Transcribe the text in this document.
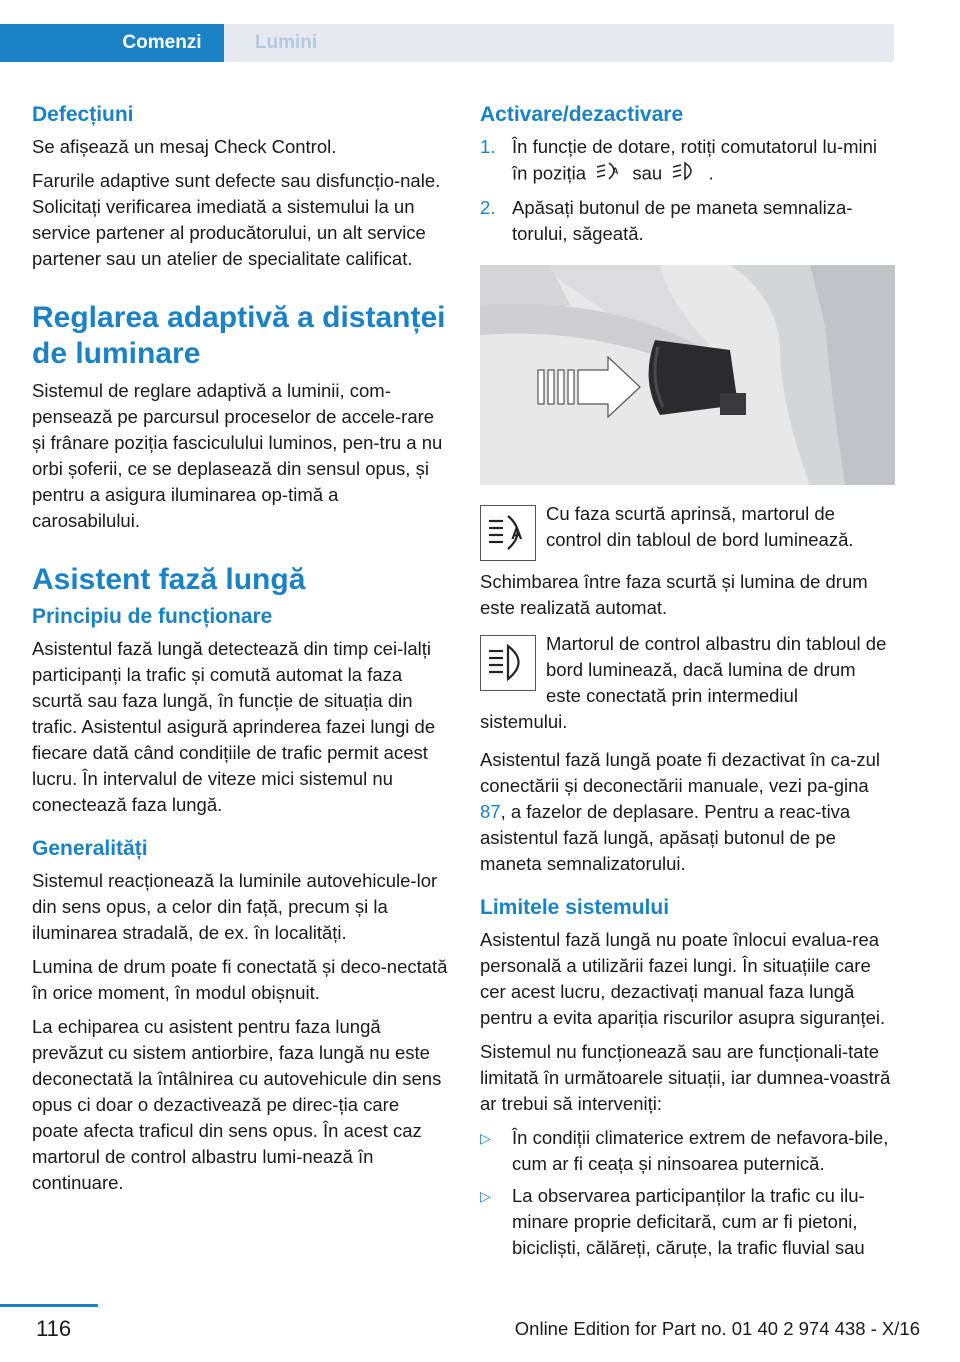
Comenzi	Lumini
Defecțiuni

Se afișează un mesaj Check Control.

Farurile adaptive sunt defecte sau disfuncțio-nale. Solicitați verificarea imediată a sistemului la un service partener al producătorului, un alt service partener sau un atelier de specialitate calificat.

Reglarea adaptivă a distanței de luminare

Sistemul de reglare adaptivă a luminii, com-pensează pe parcursul proceselor de accele-rare și frânare poziția fasciculului luminos, pen-tru a nu orbi șoferii, ce se deplasează din sensul opus, și pentru a asigura iluminarea op-timă a carosabilului.

Asistent fază lungă
Principiu de funcționare

Asistentul fază lungă detectează din timp cei-lalți participanți la trafic și comută automat la faza scurtă sau faza lungă, în funcție de situația din trafic. Asistentul asigură aprinderea fazei lungi de fiecare dată când condițiile de trafic permit acest lucru. În intervalul de viteze mici sistemul nu conectează faza lungă.

Generalități

Sistemul reacționează la luminile autovehicule-lor din sens opus, a celor din față, precum și la iluminarea stradală, de ex. în localități.

Lumina de drum poate fi conectată și deco-nectată în orice moment, în modul obișnuit.

La echiparea cu asistent pentru faza lungă prevăzut cu sistem antiorbire, faza lungă nu este deconectată la întâlnirea cu autovehicule din sens opus ci doar o dezactivează pe direc-ția care poate afecta traficul din sens opus. În acest caz martorul de control albastru lumi-nează în continuare.

Activare/dezactivare
1. În funcție de dotare, rotiți comutatorul lu-mini în poziția	A sau	.
2. Apăsați butonul de pe maneta semnaliza-torului, săgeată.
A
Cu faza scurtă aprinsă, martorul de control din tabloul de bord luminează.

Schimbarea între faza scurtă și lumina de drum este realizată automat.

Martorul de control albastru din tabloul de bord luminează, dacă lumina de drum este conectată prin intermediul
sistemului.

Asistentul fază lungă poate fi dezactivat în ca-zul conectării și deconectării manuale, vezi pa-gina 87, a fazelor de deplasare. Pentru a reac-tiva asistentul fază lungă, apăsați butonul de pe maneta semnalizatorului.

Limitele sistemului

Asistentul fază lungă nu poate înlocui evalua-rea personală a utilizării fazei lungi. În situațiile care cer acest lucru, dezactivați manual faza lungă pentru a evita apariția riscurilor asupra siguranței.

Sistemul nu funcționează sau are funcționali-tate limitată în următoarele situații, iar dumnea-voastră ar trebui să interveniți:

▷ În condiții climaterice extrem de nefavora-bile, cum ar fi ceața și ninsoarea puternică.
▷ La observarea participanților la trafic cu ilu-minare proprie deficitară, cum ar fi pietoni, bicicliști, călăreți, căruțe, la trafic fluvial sau
116	Online Edition for Part no. 01 40 2 974 438 - X/16
